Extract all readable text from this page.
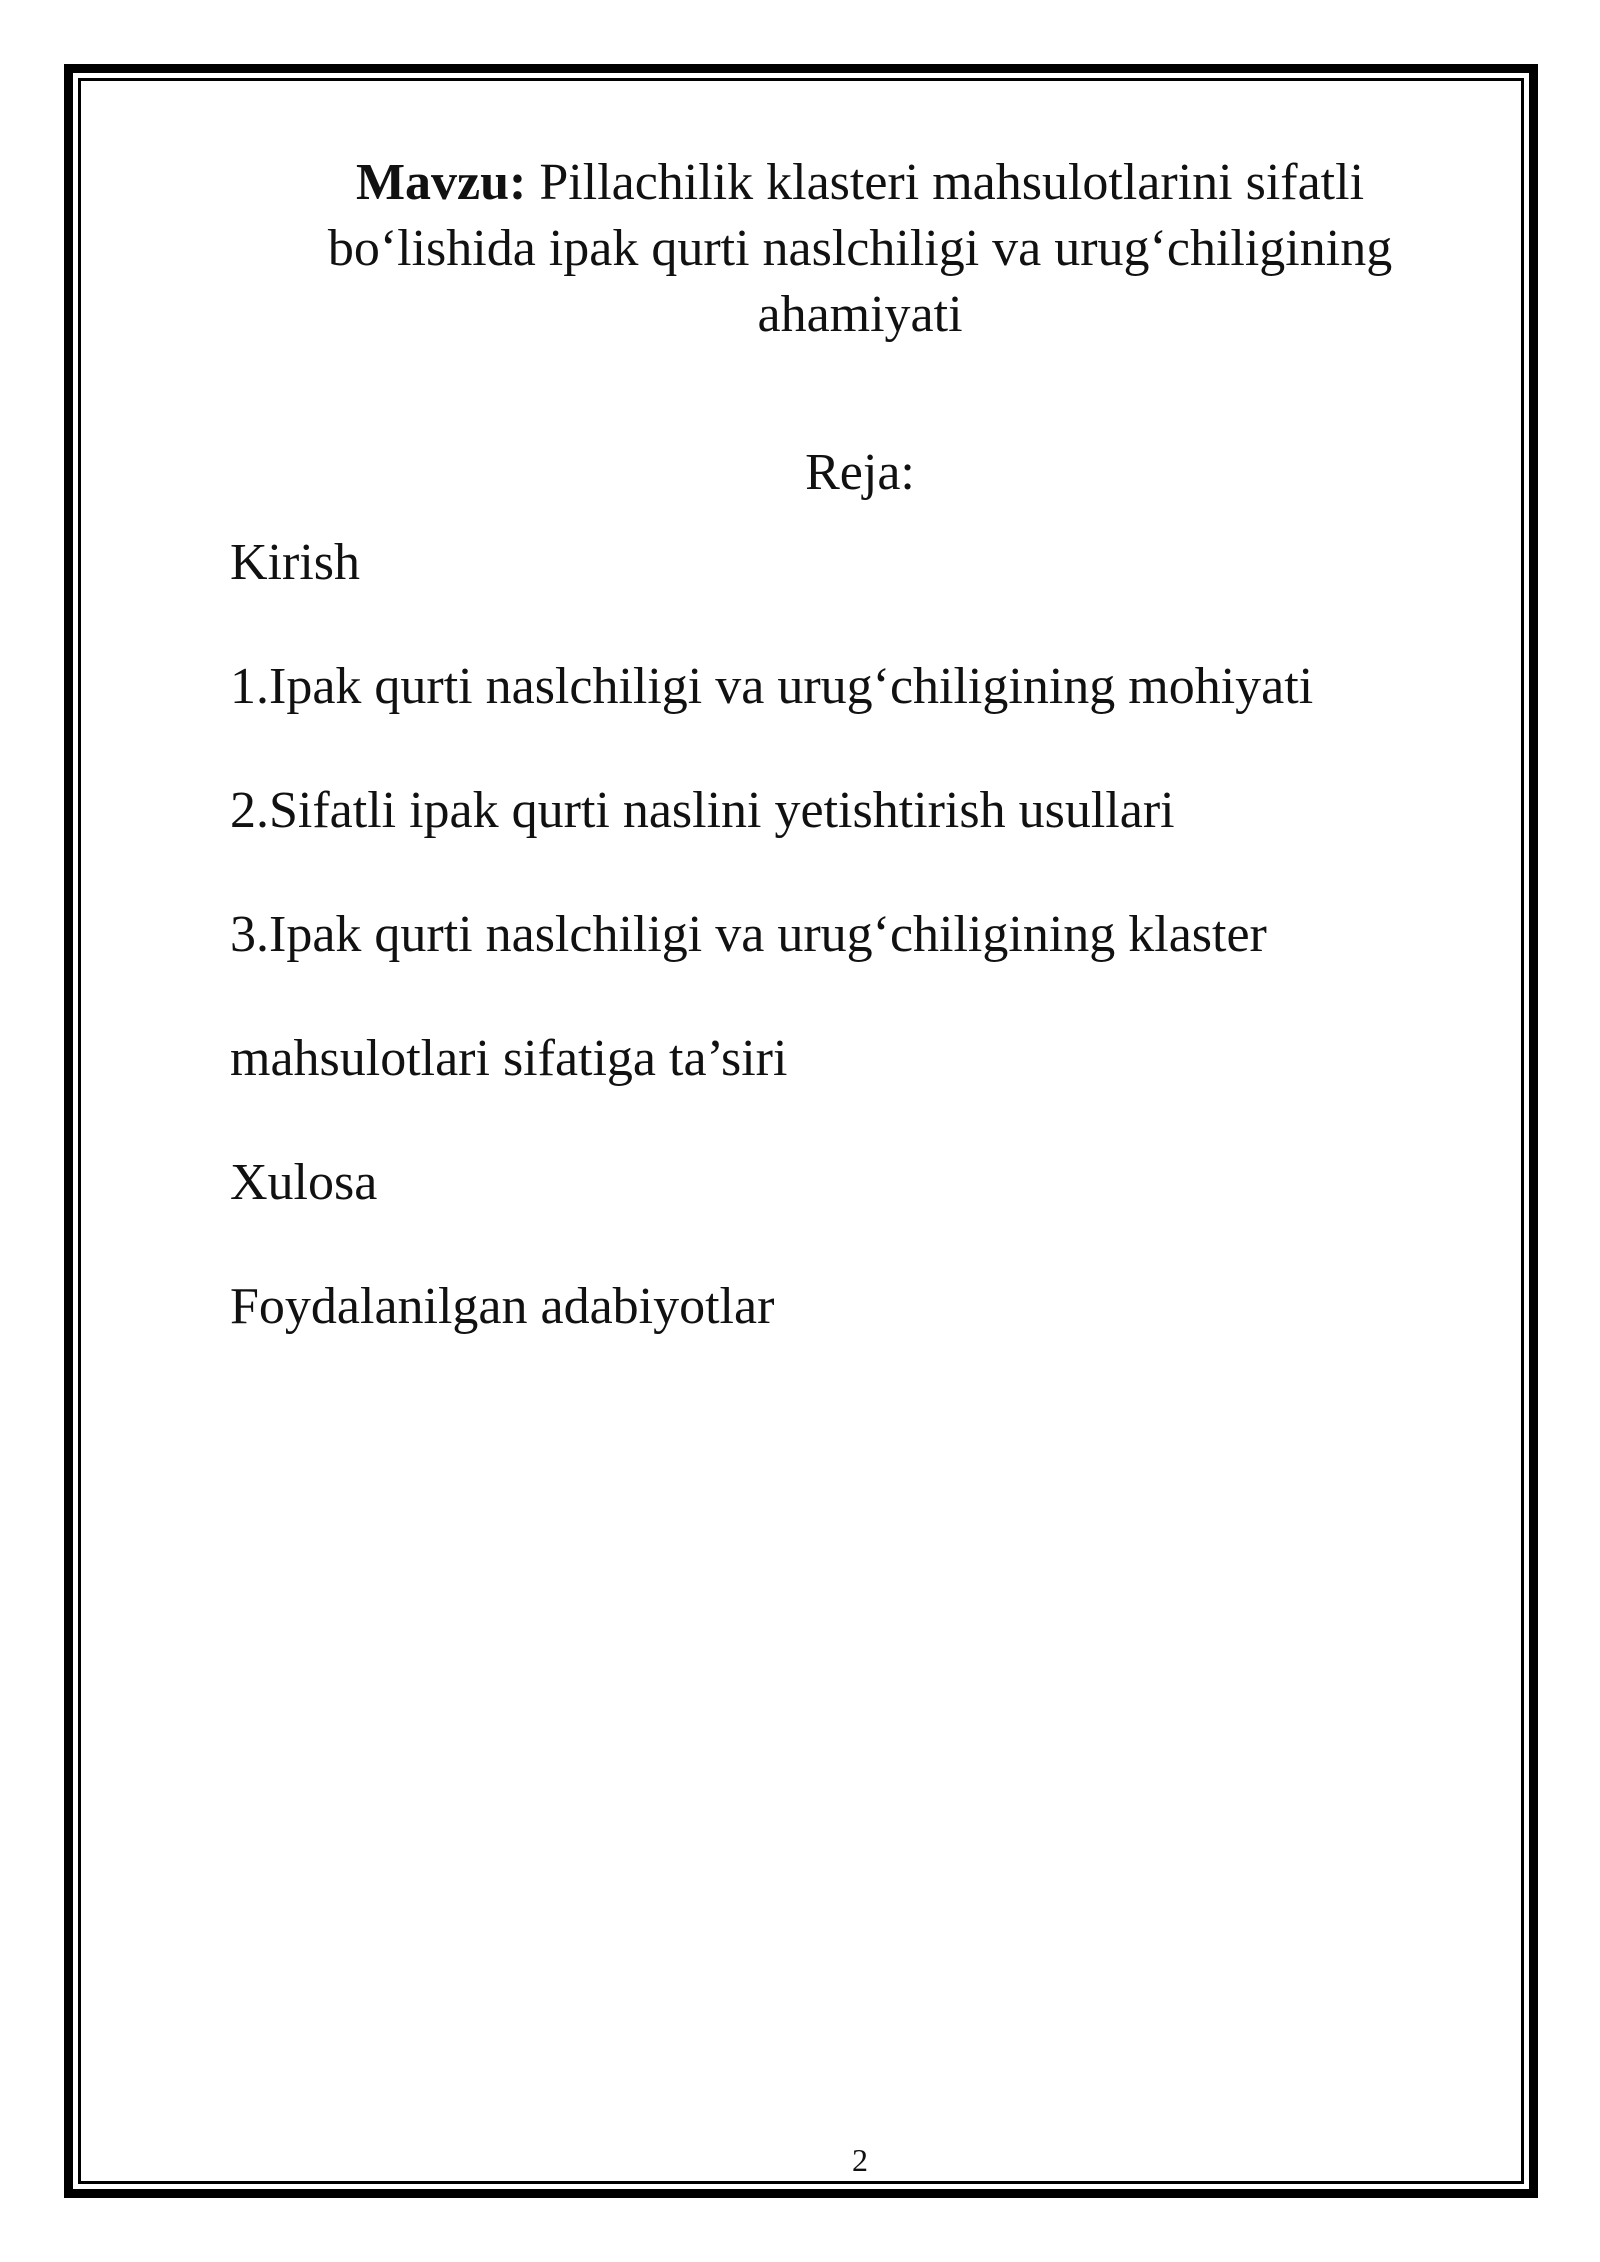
Mavzu: Pillachilik klasteri mahsulotlarini sifatli bo‘lishida ipak qurti naslchiligi va urug‘chiligining ahamiyati
Reja:
Kirish
1.Ipak qurti naslchiligi va urug‘chiligining mohiyati
2.Sifatli ipak qurti naslini yetishtirish usullari
3.Ipak qurti naslchiligi va urug‘chiligining klaster
mahsulotlari sifatiga ta’siri
Xulosa
Foydalanilgan adabiyotlar
2
